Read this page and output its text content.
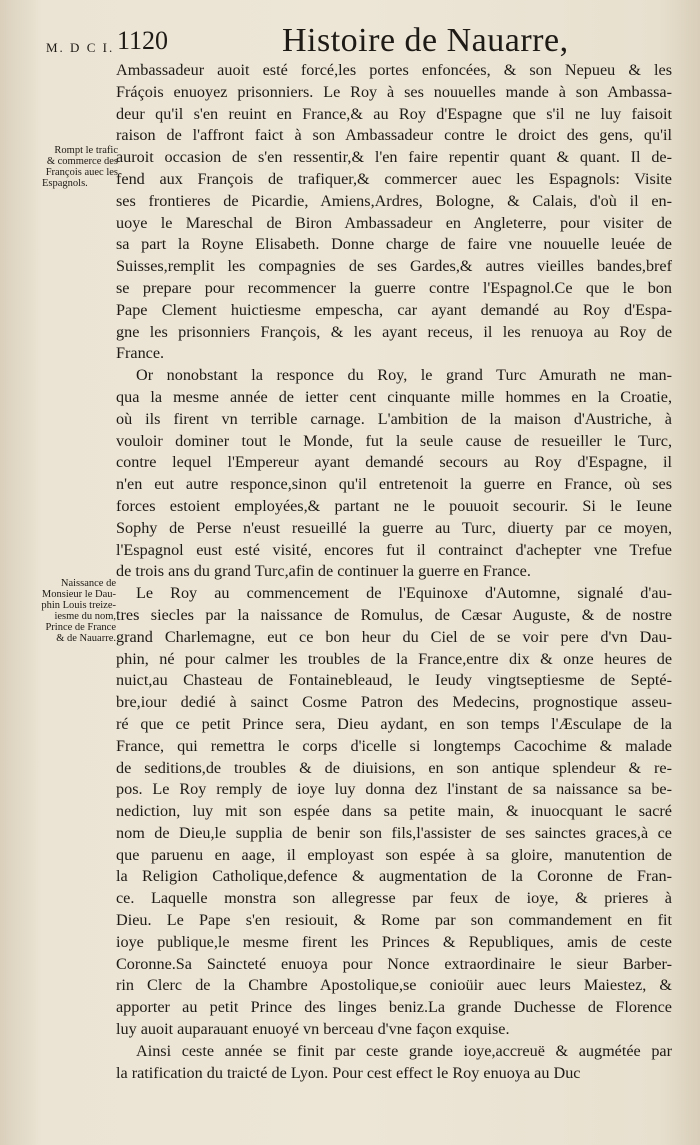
M. D C I. 1120	Histoire de Nauarre,
Rompt le trafic
& commerce des
François auec les
Espagnols.
Naissance de
Monsieur le Dau-
phin Louis treize-
iesme du nom,
Prince de France
& de Nauarre.
Ambassadeur auoit esté forcé,les portes enfoncées, & son Nepueu & les
Fráçois enuoyez prisonniers. Le Roy à ses nouuelles mande à son Ambassa-
deur qu'il s'en reuint en France,& au Roy d'Espagne que s'il ne luy faisoit
raison de l'affront faict à son Ambassadeur contre le droict des gens, qu'il
auroit occasion de s'en ressentir,& l'en faire repentir quant & quant. Il de-
fend aux François de trafiquer,& commercer auec les Espagnols: Visite
ses frontieres de Picardie, Amiens,Ardres, Bologne, & Calais, d'où il en-
uoye le Mareschal de Biron Ambassadeur en Angleterre, pour visiter de
sa part la Royne Elisabeth. Donne charge de faire vne nouuelle leuée de
Suisses,remplit les compagnies de ses Gardes,& autres vieilles bandes,bref
se prepare pour recommencer la guerre contre l'Espagnol.Ce que le bon
Pape Clement huictiesme empescha, car ayant demandé au Roy d'Espa-
gne les prisonniers François, & les ayant receus, il les renuoya au Roy de
France.
Or nonobstant la responce du Roy, le grand Turc Amurath ne man-
qua la mesme année de ietter cent cinquante mille hommes en la Croatie,
où ils firent vn terrible carnage. L'ambition de la maison d'Austriche, à
vouloir dominer tout le Monde, fut la seule cause de resueiller le Turc,
contre lequel l'Empereur ayant demandé secours au Roy d'Espagne, il
n'en eut autre responce,sinon qu'il entretenoit la guerre en France, où ses
forces estoient employées,& partant ne le pouuoit secourir. Si le Ieune
Sophy de Perse n'eust resueillé la guerre au Turc, diuerty par ce moyen,
l'Espagnol eust esté visité, encores fut il contrainct d'achepter vne Trefue
de trois ans du grand Turc,afin de continuer la guerre en France.
Le Roy au commencement de l'Equinoxe d'Automne, signalé d'au-
tres siecles par la naissance de Romulus, de Cæsar Auguste, & de nostre
grand Charlemagne, eut ce bon heur du Ciel de se voir pere d'vn Dau-
phin, né pour calmer les troubles de la France,entre dix & onze heures de
nuict,au Chasteau de Fontainebleaud, le Ieudy vingtseptiesme de Septé-
bre,iour dedié à sainct Cosme Patron des Medecins, prognostique asseu-
ré que ce petit Prince sera, Dieu aydant, en son temps l'Æsculape de la
France, qui remettra le corps d'icelle si longtemps Cacochime & malade
de seditions,de troubles & de diuisions, en son antique splendeur & re-
pos. Le Roy remply de ioye luy donna dez l'instant de sa naissance sa be-
nediction, luy mit son espée dans sa petite main, & inuocquant le sacré
nom de Dieu,le supplia de benir son fils,l'assister de ses sainctes graces,à ce
que paruenu en aage, il employast son espée à sa gloire, manutention de
la Religion Catholique,defence & augmentation de la Coronne de Fran-
ce. Laquelle monstra son allegresse par feux de ioye, & prieres à
Dieu. Le Pape s'en resiouit, & Rome par son commandement en fit
ioye publique,le mesme firent les Princes & Republiques, amis de ceste
Coronne.Sa Saincteté enuoya pour Nonce extraordinaire le sieur Barber-
rin Clerc de la Chambre Apostolique,se conioüir auec leurs Maiestez, &
apporter au petit Prince des linges beniz.La grande Duchesse de Florence
luy auoit auparauant enuoyé vn berceau d'vne façon exquise.
Ainsi ceste année se finit par ceste grande ioye,accreuë & augmétée par
la ratification du traicté de Lyon. Pour cest effect le Roy enuoya au Duc
